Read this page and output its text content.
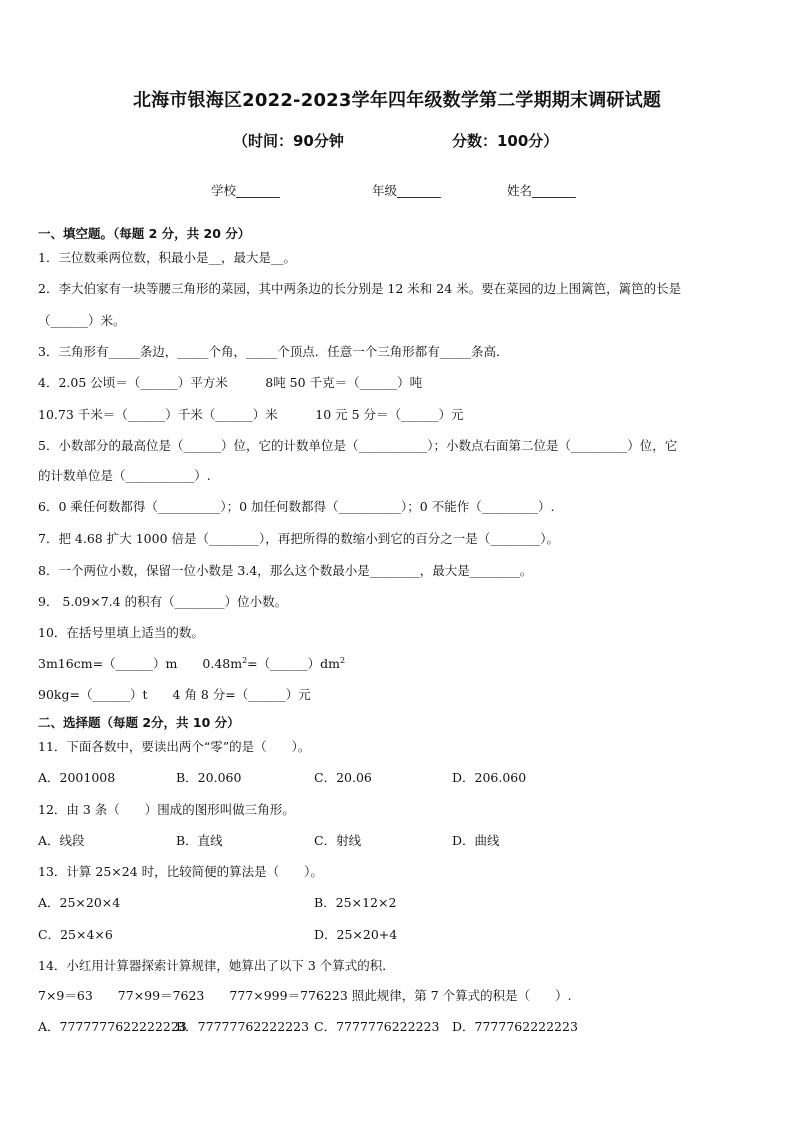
北海市银海区2022-2023学年四年级数学第二学期期末调研试题
（时间：90分钟	分数：100分）
学校_______	年级_______	姓名_______
一、填空题。（每题 2 分，共 20 分）
1．三位数乘两位数，积最小是__，最大是__。
2．李大伯家有一块等腰三角形的菜园，其中两条边的长分别是 12 米和 24 米。要在菜园的边上围篱笆，篱笆的长是
（______）米。
3．三角形有_____条边，_____个角，_____个顶点．任意一个三角形都有_____条高．
4．2.05 公顷＝（______）平方米　　　8吨 50 千克＝（______）吨
10.73 千米＝（______）千米（______）米　　　10 元 5 分＝（______）元
5．小数部分的最高位是（______）位，它的计数单位是（___________）；小数点右面第二位是（_________）位，它
的计数单位是（___________）.
6．0 乘任何数都得（__________）；0 加任何数都得（__________）；0 不能作（_________）.
7．把 4.68 扩大 1000 倍是（________），再把所得的数缩小到它的百分之一是（________）。
8．一个两位小数，保留一位小数是 3.4，那么这个数最小是________，最大是________。
9． 5.09×7.4 的积有（________）位小数。
10．在括号里填上适当的数。
3m16cm=（______）m　　$0.48m^2=(\_\_\_\_\_\_)dm^2$
90kg=（______）t　　4 角 8 分=（______）元
二、选择题（每题 2分，共 10 分）
11．下面各数中，要读出两个“零”的是（　　）。
A．2001008	B．20.060	C．20.06	D．206.060
12．由 3 条（　　）围成的图形叫做三角形。
A．线段	B．直线	C．射线	D．曲线
13．计算 25×24 时，比较简便的算法是（　　）。
A．25×20×4	B．25×12×2
C．25×4×6	D．25×20+4
14．小红用计算器探索计算规律，她算出了以下 3 个算式的积．
7×9＝63　　77×99＝7623　　777×999＝776223 照此规律，第 7 个算式的积是（　　）.
A．7777777622222223
B．77777762222223 C．7777776222223 D．7777762222223
